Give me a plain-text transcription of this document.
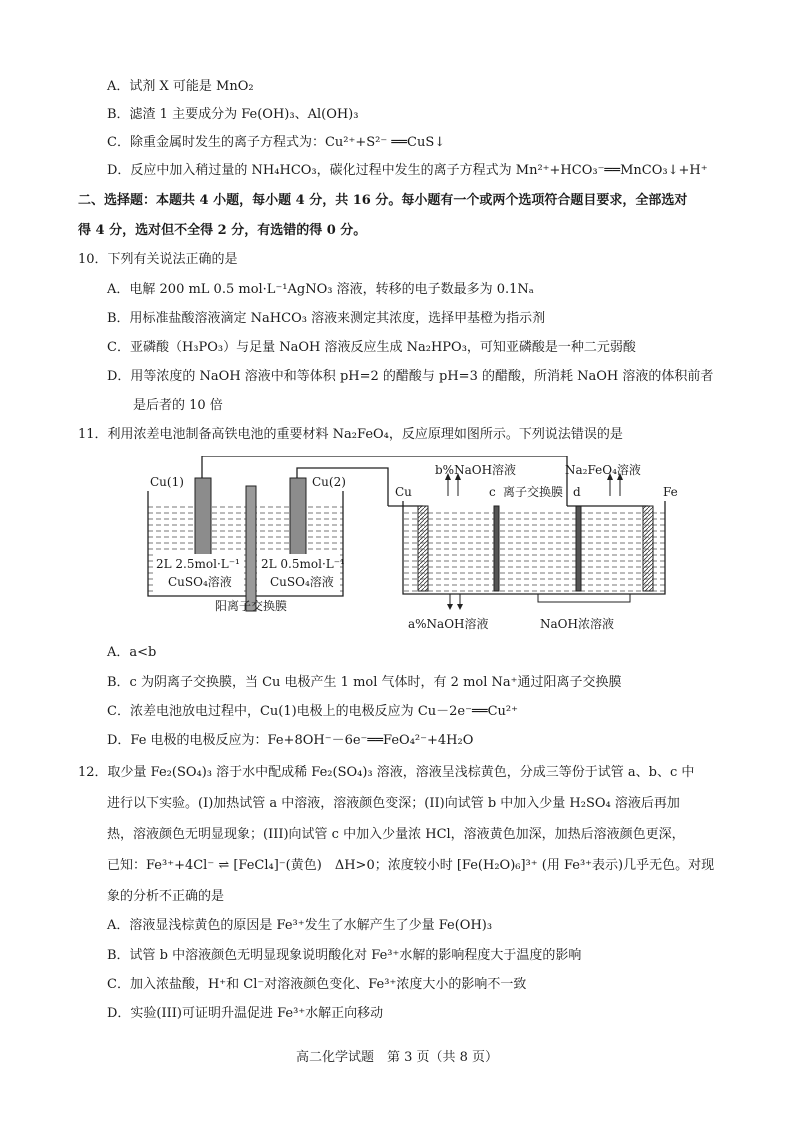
A．试剂 X 可能是 MnO₂
B．滤渣 1 主要成分为 Fe(OH)₃、Al(OH)₃
C．除重金属时发生的离子方程式为：Cu²⁺+S²⁻ ══CuS↓
D．反应中加入稍过量的 NH₄HCO₃，碳化过程中发生的离子方程式为 Mn²⁺+HCO₃⁻══MnCO₃↓+H⁺
二、选择题：本题共 4 小题，每小题 4 分，共 16 分。每小题有一个或两个选项符合题目要求，全部选对
得 4 分，选对但不全得 2 分，有选错的得 0 分。
10．下列有关说法正确的是
A．电解 200 mL 0.5 mol·L⁻¹AgNO₃ 溶液，转移的电子数最多为 0.1Nₐ
B．用标准盐酸溶液滴定 NaHCO₃ 溶液来测定其浓度，选择甲基橙为指示剂
C．亚磷酸（H₃PO₃）与足量 NaOH 溶液反应生成 Na₂HPO₃，可知亚磷酸是一种二元弱酸
D．用等浓度的 NaOH 溶液中和等体积 pH=2 的醋酸与 pH=3 的醋酸，所消耗 NaOH 溶液的体积前者
是后者的 10 倍
11．利用浓差电池制备高铁电池的重要材料 Na₂FeO₄，反应原理如图所示。下列说法错误的是
Cu(1)	Cu(2)
2L 2.5mol·L⁻¹
CuSO₄溶液
2L 0.5mol·L⁻¹
CuSO₄溶液
阳离子交换膜
b%NaOH溶液	Na₂FeO₄溶液
离子交换膜
Cu	c	d	Fe
a%NaOH溶液	NaOH浓溶液
A．a<b
B．c 为阴离子交换膜，当 Cu 电极产生 1 mol 气体时，有 2 mol Na⁺通过阳离子交换膜
C．浓差电池放电过程中，Cu(1)电极上的电极反应为 Cu－2e⁻══Cu²⁺
D．Fe 电极的电极反应为：Fe+8OH⁻－6e⁻══FeO₄²⁻+4H₂O
12．取少量 Fe₂(SO₄)₃ 溶于水中配成稀 Fe₂(SO₄)₃ 溶液，溶液呈浅棕黄色，分成三等份于试管 a、b、c 中
进行以下实验。(I)加热试管 a 中溶液，溶液颜色变深；(II)向试管 b 中加入少量 H₂SO₄ 溶液后再加
热，溶液颜色无明显现象；(III)向试管 c 中加入少量浓 HCl，溶液黄色加深，加热后溶液颜色更深，
已知：Fe³⁺+4Cl⁻ ⇌ [FeCl₄]⁻(黄色)　ΔH>0；浓度较小时 [Fe(H₂O)₆]³⁺ (用 Fe³⁺表示)几乎无色。对现
象的分析不正确的是
A．溶液显浅棕黄色的原因是 Fe³⁺发生了水解产生了少量 Fe(OH)₃
B．试管 b 中溶液颜色无明显现象说明酸化对 Fe³⁺水解的影响程度大于温度的影响
C．加入浓盐酸，H⁺和 Cl⁻对溶液颜色变化、Fe³⁺浓度大小的影响不一致
D．实验(III)可证明升温促进 Fe³⁺水解正向移动
高二化学试题　第 3 页（共 8 页）
